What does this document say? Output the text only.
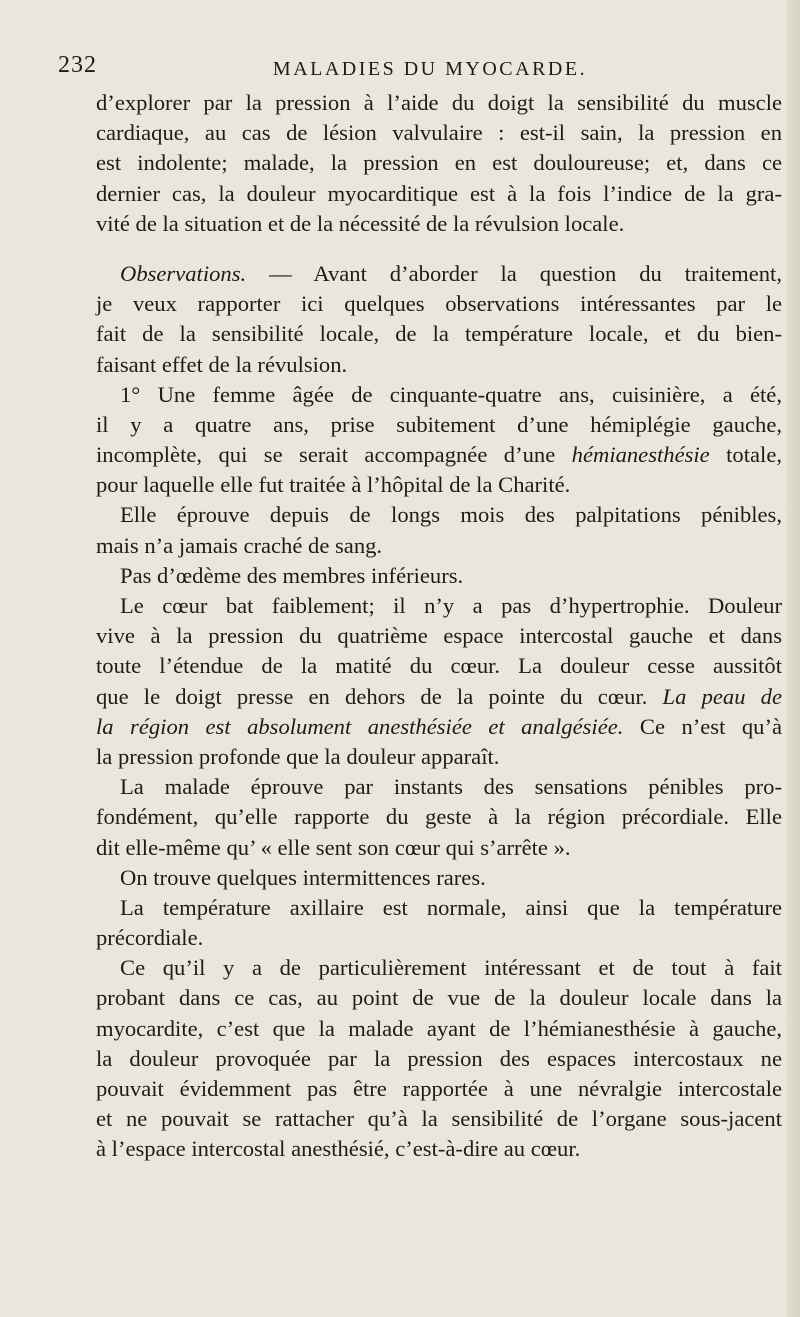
232	MALADIES DU MYOCARDE.
d’explorer par la pression à l’aide du doigt la sensibilité du muscle
cardiaque, au cas de lésion valvulaire : est-il sain, la pression en
est indolente; malade, la pression en est douloureuse; et, dans ce
dernier cas, la douleur myocarditique est à la fois l’indice de la gra-
vité de la situation et de la nécessité de la révulsion locale.
Observations. — Avant d’aborder la question du traitement,
je veux rapporter ici quelques observations intéressantes par le
fait de la sensibilité locale, de la température locale, et du bien-
faisant effet de la révulsion.
1° Une femme âgée de cinquante-quatre ans, cuisinière, a été,
il y a quatre ans, prise subitement d’une hémiplégie gauche,
incomplète, qui se serait accompagnée d’une hémianesthésie totale,
pour laquelle elle fut traitée à l’hôpital de la Charité.
Elle éprouve depuis de longs mois des palpitations pénibles,
mais n’a jamais craché de sang.
Pas d’œdème des membres inférieurs.
Le cœur bat faiblement; il n’y a pas d’hypertrophie. Douleur
vive à la pression du quatrième espace intercostal gauche et dans
toute l’étendue de la matité du cœur. La douleur cesse aussitôt
que le doigt presse en dehors de la pointe du cœur. La peau de
la région est absolument anesthésiée et analgésiée. Ce n’est qu’à
la pression profonde que la douleur apparaît.
La malade éprouve par instants des sensations pénibles pro-
fondément, qu’elle rapporte du geste à la région précordiale. Elle
dit elle-même qu’ « elle sent son cœur qui s’arrête ».
On trouve quelques intermittences rares.
La température axillaire est normale, ainsi que la température
précordiale.
Ce qu’il y a de particulièrement intéressant et de tout à fait
probant dans ce cas, au point de vue de la douleur locale dans la
myocardite, c’est que la malade ayant de l’hémianesthésie à gauche,
la douleur provoquée par la pression des espaces intercostaux ne
pouvait évidemment pas être rapportée à une névralgie intercostale
et ne pouvait se rattacher qu’à la sensibilité de l’organe sous-jacent
à l’espace intercostal anesthésié, c’est-à-dire au cœur.
